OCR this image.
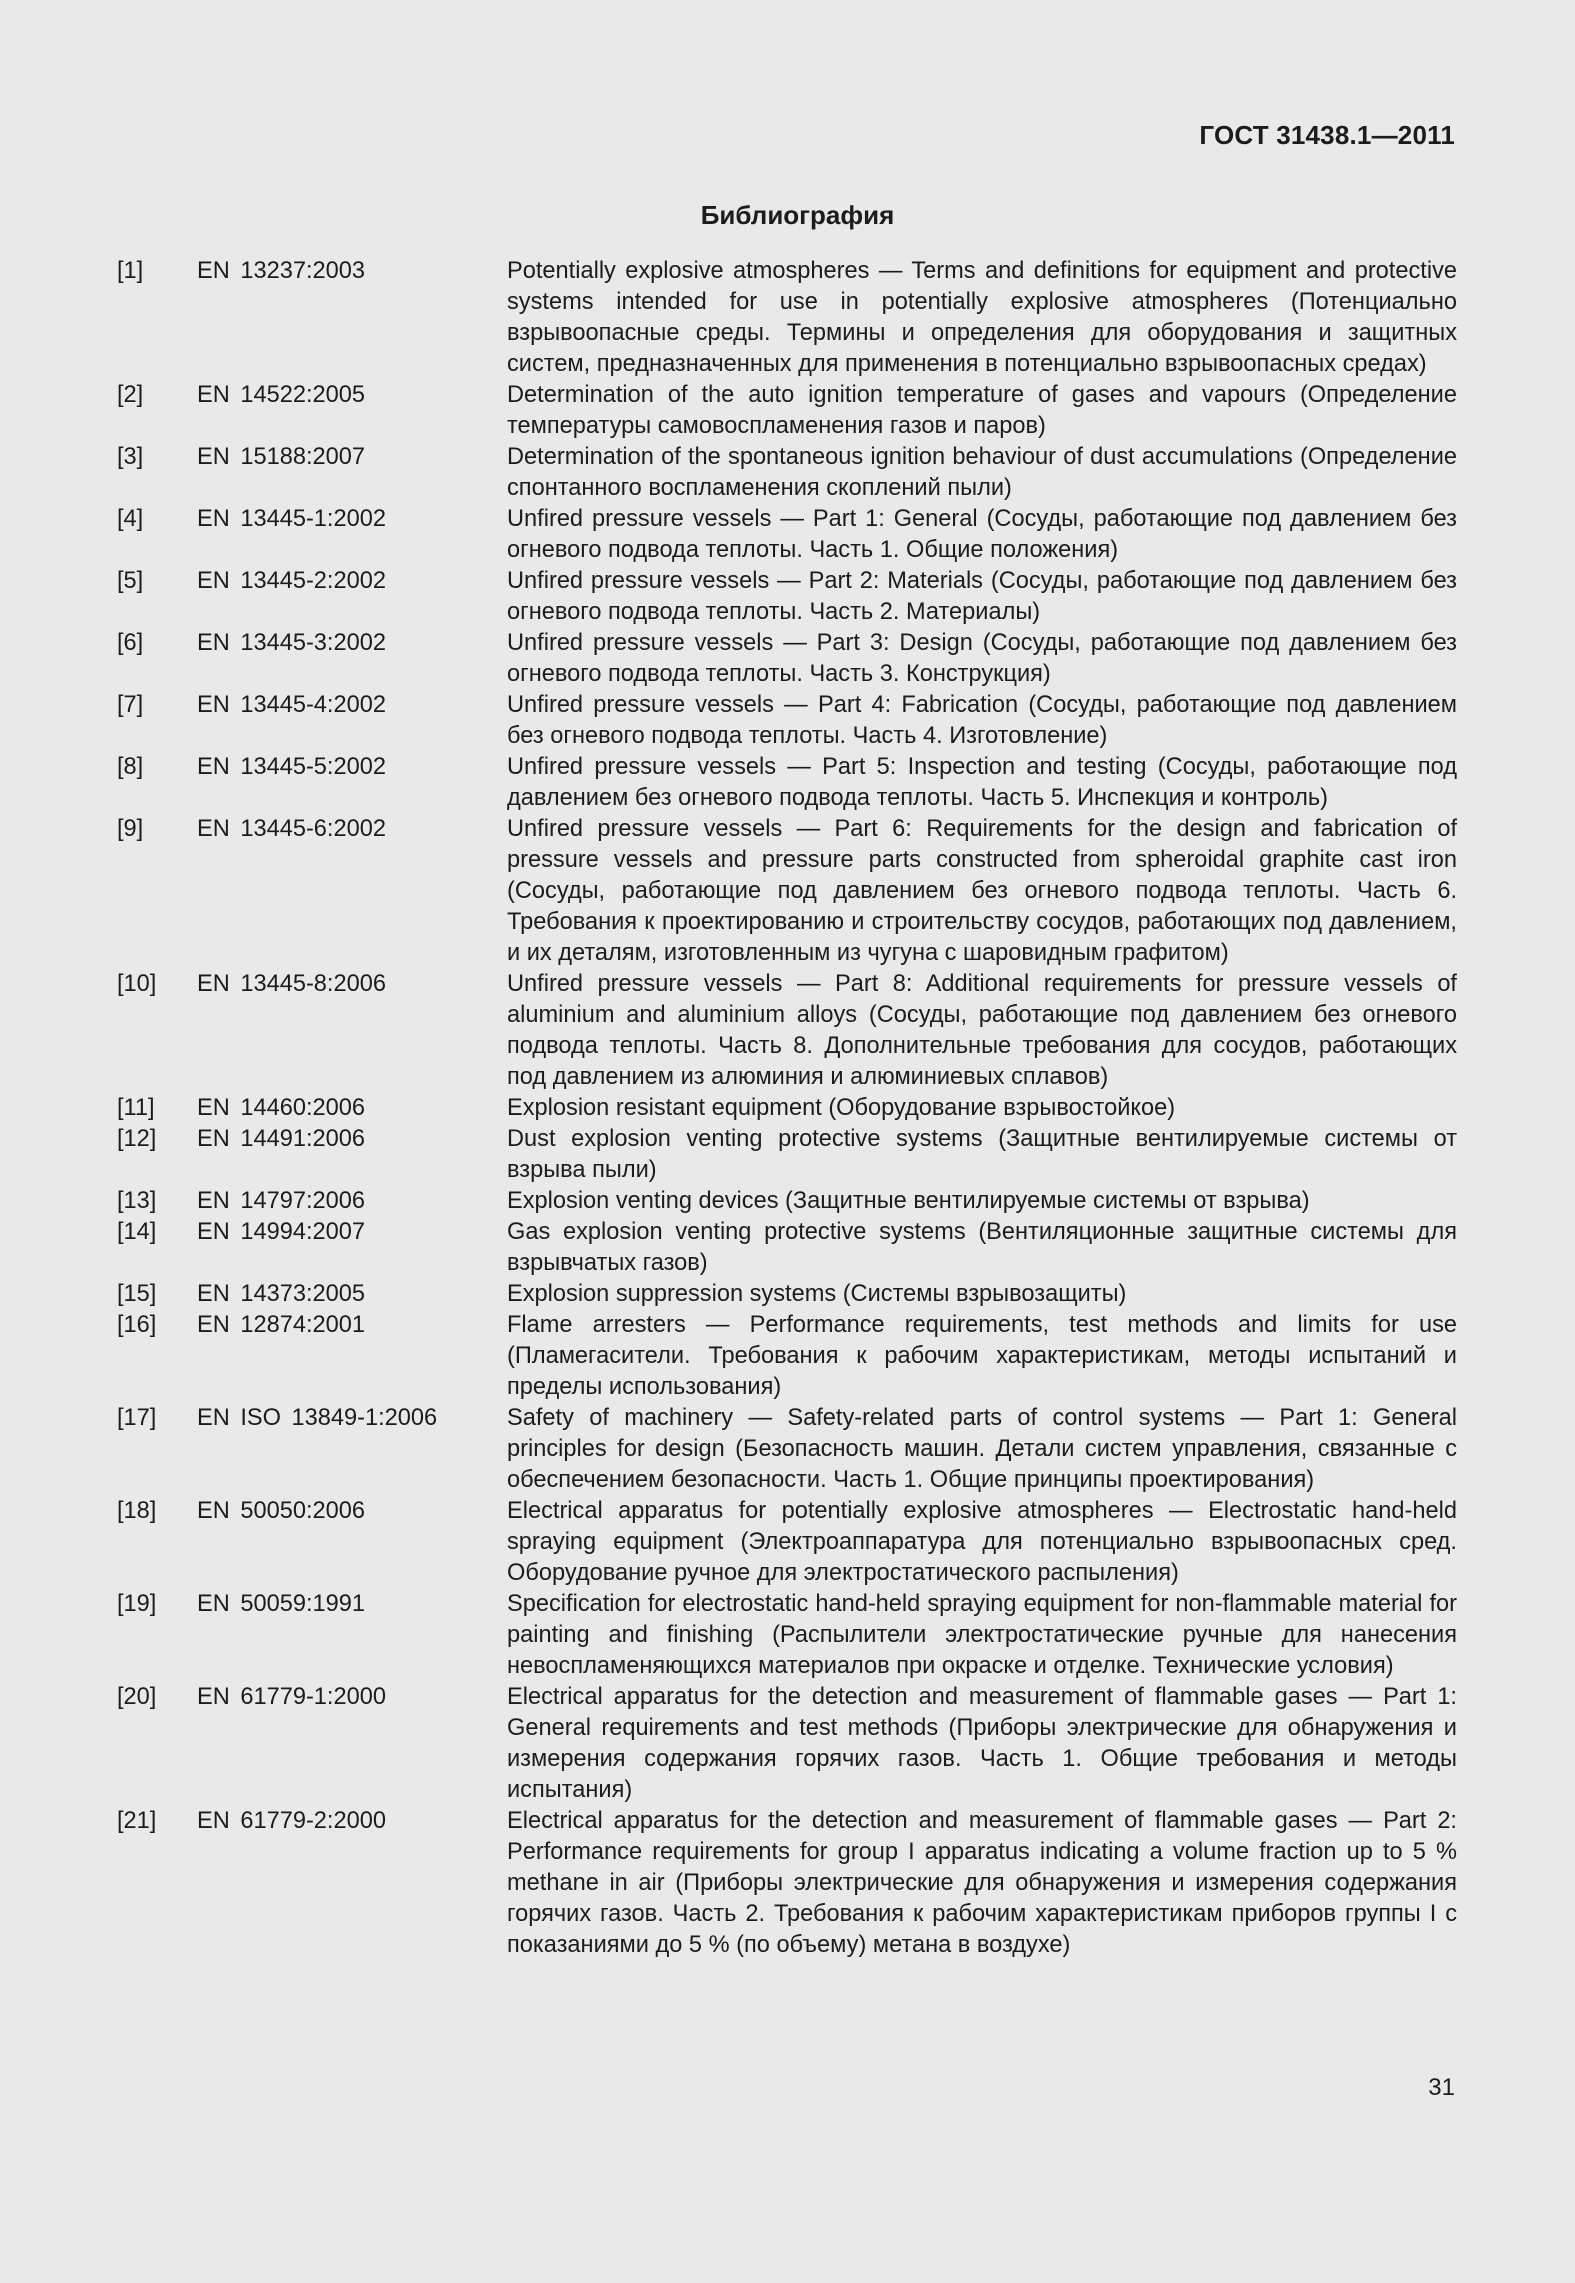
ГОСТ 31438.1—2011
Библиография
[1]	EN 13237:2003	Potentially explosive atmospheres — Terms and definitions for equipment and protective systems intended for use in potentially explosive atmospheres (Потенциально взрывоопасные среды. Термины и определения для оборудования и защитных систем, предназначенных для применения в потенциально взрывоопасных средах)
[2]	EN 14522:2005	Determination of the auto ignition temperature of gases and vapours (Определение температуры самовоспламенения газов и паров)
[3]	EN 15188:2007	Determination of the spontaneous ignition behaviour of dust accumulations (Определение спонтанного воспламенения скоплений пыли)
[4]	EN 13445-1:2002	Unfired pressure vessels — Part 1: General (Сосуды, работающие под давлением без огневого подвода теплоты. Часть 1. Общие положения)
[5]	EN 13445-2:2002	Unfired pressure vessels — Part 2: Materials (Сосуды, работающие под давлением без огневого подвода теплоты. Часть 2. Материалы)
[6]	EN 13445-3:2002	Unfired pressure vessels — Part 3: Design (Сосуды, работающие под давлением без огневого подвода теплоты. Часть 3. Конструкция)
[7]	EN 13445-4:2002	Unfired pressure vessels — Part 4: Fabrication (Сосуды, работающие под давлением без огневого подвода теплоты. Часть 4. Изготовление)
[8]	EN 13445-5:2002	Unfired pressure vessels — Part 5: Inspection and testing (Сосуды, работающие под давлением без огневого подвода теплоты. Часть 5. Инспекция и контроль)
[9]	EN 13445-6:2002	Unfired pressure vessels — Part 6: Requirements for the design and fabrication of pressure vessels and pressure parts constructed from spheroidal graphite cast iron (Сосуды, работающие под давлением без огневого подвода теплоты. Часть 6. Требования к проектированию и строительству сосудов, работающих под давлением, и их деталям, изготовленным из чугуна с шаровидным графитом)
[10]	EN 13445-8:2006	Unfired pressure vessels — Part 8: Additional requirements for pressure vessels of aluminium and aluminium alloys (Сосуды, работающие под давлением без огневого подвода теплоты. Часть 8. Дополнительные требования для сосудов, работающих под давлением из алюминия и алюминиевых сплавов)
[11]	EN 14460:2006	Explosion resistant equipment (Оборудование взрывостойкое)
[12]	EN 14491:2006	Dust explosion venting protective systems (Защитные вентилируемые системы от взрыва пыли)
[13]	EN 14797:2006	Explosion venting devices (Защитные вентилируемые системы от взрыва)
[14]	EN 14994:2007	Gas explosion venting protective systems (Вентиляционные защитные системы для взрывчатых газов)
[15]	EN 14373:2005	Explosion suppression systems (Системы взрывозащиты)
[16]	EN 12874:2001	Flame arresters — Performance requirements, test methods and limits for use (Пламегасители. Требования к рабочим характеристикам, методы испытаний и пределы использования)
[17]	EN ISO 13849-1:2006	Safety of machinery — Safety-related parts of control systems — Part 1: General principles for design (Безопасность машин. Детали систем управления, связанные с обеспечением безопасности. Часть 1. Общие принципы проектирования)
[18]	EN 50050:2006	Electrical apparatus for potentially explosive atmospheres — Electrostatic hand-held spraying equipment (Электроаппаратура для потенциально взрывоопасных сред. Оборудование ручное для электростатического распыления)
[19]	EN 50059:1991	Specification for electrostatic hand-held spraying equipment for non-flammable material for painting and finishing (Распылители электростатические ручные для нанесения невоспламеняющихся материалов при окраске и отделке. Технические условия)
[20]	EN 61779-1:2000	Electrical apparatus for the detection and measurement of flammable gases — Part 1: General requirements and test methods (Приборы электрические для обнаружения и измерения содержания горячих газов. Часть 1. Общие требования и методы испытания)
[21]	EN 61779-2:2000	Electrical apparatus for the detection and measurement of flammable gases — Part 2: Performance requirements for group I apparatus indicating a volume fraction up to 5 % methane in air (Приборы электрические для обнаружения и измерения содержания горячих газов. Часть 2. Требования к рабочим характеристикам приборов группы I с показаниями до 5 % (по объему) метана в воздухе)
31
